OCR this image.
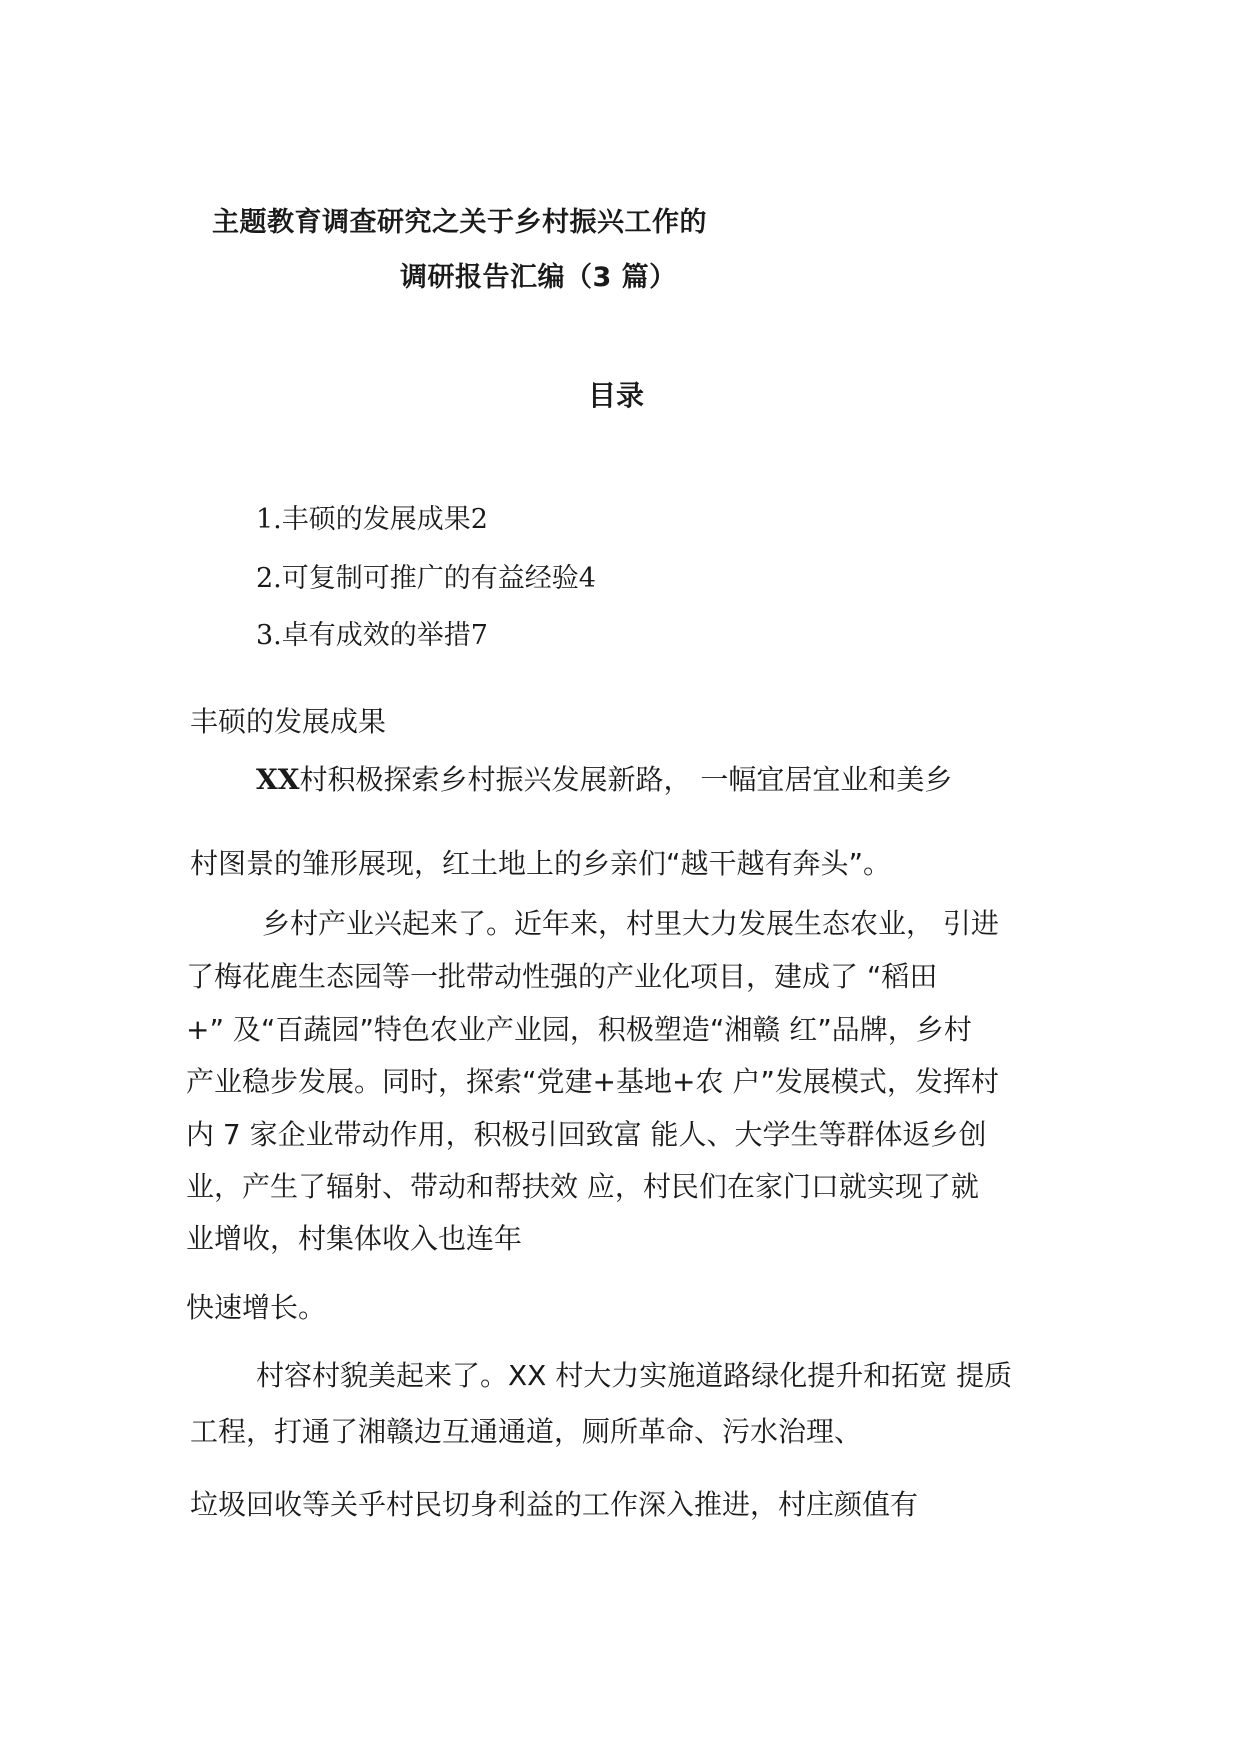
主题教育调查研究之关于乡村振兴工作的
调研报告汇编（3 篇）
目录
1.丰硕的发展成果2
2.可复制可推广的有益经验4
3.卓有成效的举措7
丰硕的发展成果
XX村积极探索乡村振兴发展新路， 一幅宜居宜业和美乡
村图景的雏形展现，红土地上的乡亲们“越干越有奔头”。
乡村产业兴起来了。近年来，村里大力发展生态农业， 引进
了梅花鹿生态园等一批带动性强的产业化项目，建成了 “稻田
+” 及“百蔬园”特色农业产业园，积极塑造“湘赣 红”品牌，乡村
产业稳步发展。同时，探索“党建+基地+农 户”发展模式，发挥村
内 7 家企业带动作用，积极引回致富 能人、大学生等群体返乡创
业，产生了辐射、带动和帮扶效 应，村民们在家门口就实现了就
业增收，村集体收入也连年
快速增长。
村容村貌美起来了。XX 村大力实施道路绿化提升和拓宽 提质
工程，打通了湘赣边互通通道，厕所革命、污水治理、
垃圾回收等关乎村民切身利益的工作深入推进，村庄颜值有
